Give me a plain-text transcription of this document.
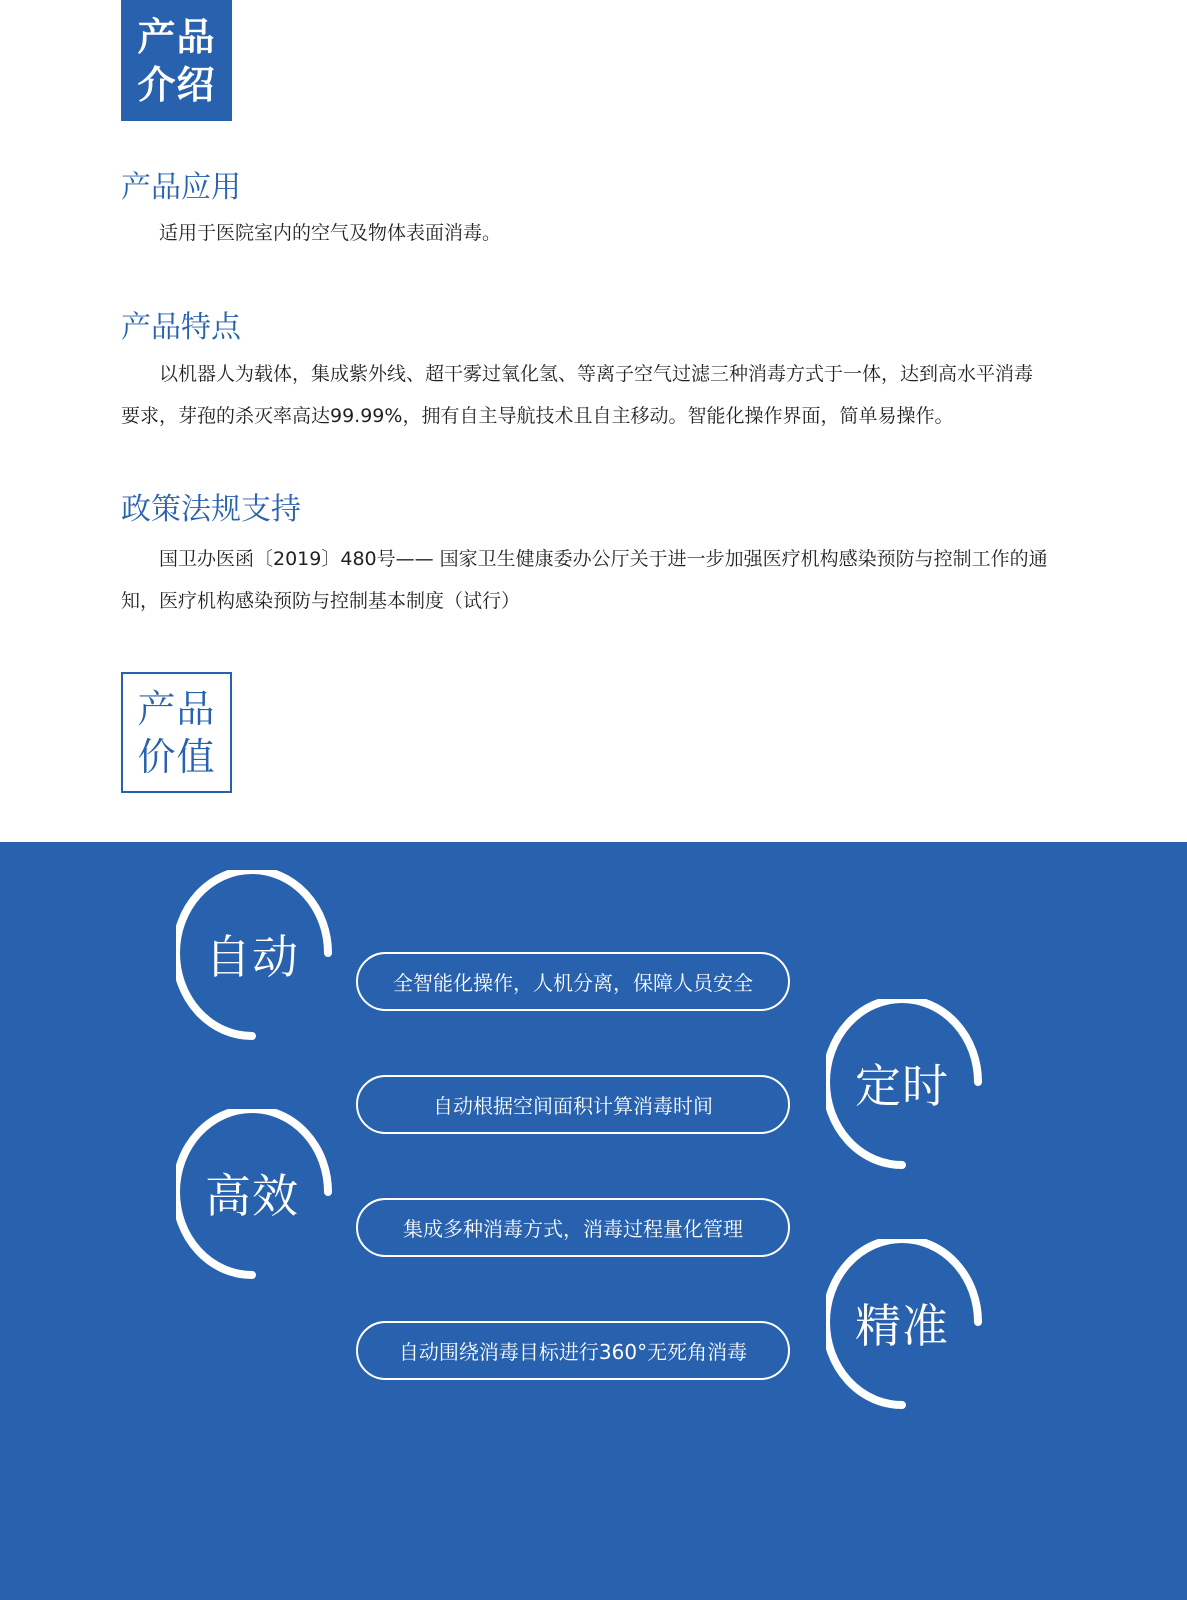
产品
介绍
产品应用

适用于医院室内的空气及物体表面消毒。

产品特点

以机器人为载体，集成紫外线、超干雾过氧化氢、等离子空气过滤三种消毒方式于一体，达到高水平消毒要求，芽孢的杀灭率高达99.99%，拥有自主导航技术且自主移动。智能化操作界面，简单易操作。

政策法规支持

国卫办医函〔2019〕480号—— 国家卫生健康委办公厅关于进一步加强医疗机构感染预防与控制工作的通知，医疗机构感染预防与控制基本制度（试行）

产品
价值
自动
高效
定时
精准
全智能化操作，人机分离，保障人员安全
自动根据空间面积计算消毒时间
集成多种消毒方式，消毒过程量化管理
自动围绕消毒目标进行360°无死角消毒
